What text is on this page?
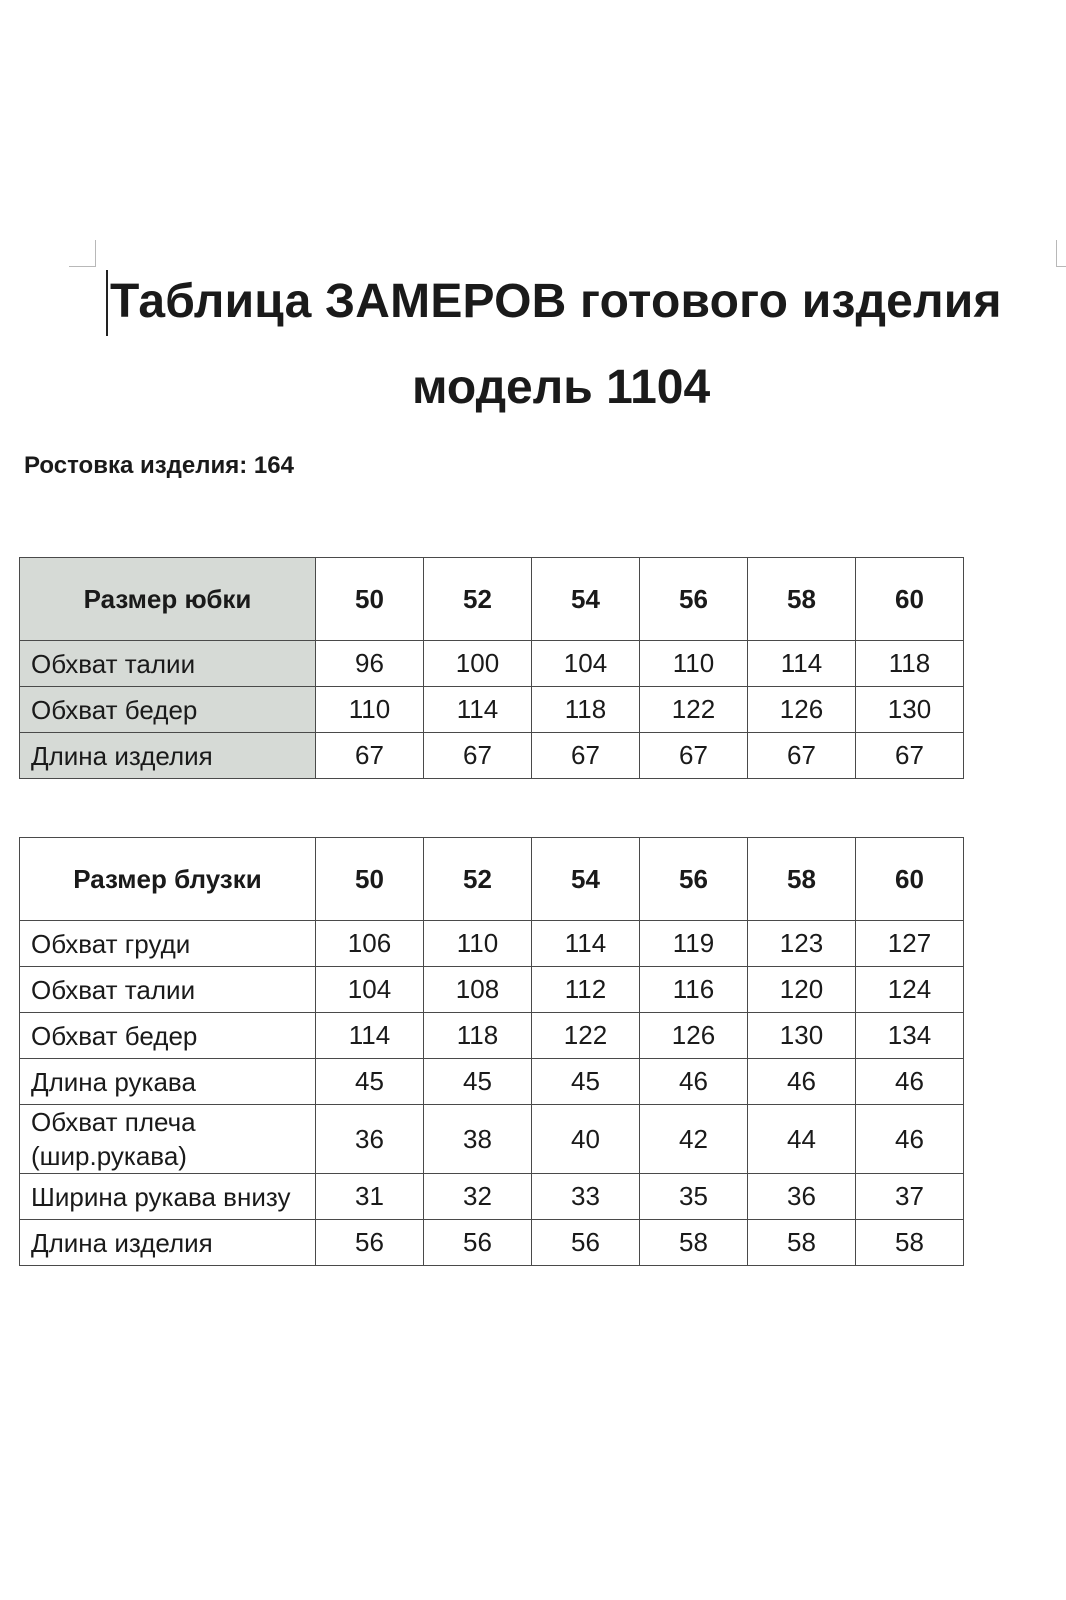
Таблица ЗАМЕРОВ готового изделия
модель 1104
Ростовка изделия: 164
Размер юбки	50	52	54	56	58	60
Обхват талии	96	100	104	110	114	118
Обхват бедер	110	114	118	122	126	130
Длина изделия	67	67	67	67	67	67
Размер блузки	50	52	54	56	58	60
Обхват груди	106	110	114	119	123	127
Обхват талии	104	108	112	116	120	124
Обхват бедер	114	118	122	126	130	134
Длина рукава	45	45	45	46	46	46
Обхват плеча (шир.рукава)	36	38	40	42	44	46
Ширина рукава внизу	31	32	33	35	36	37
Длина изделия	56	56	56	58	58	58
